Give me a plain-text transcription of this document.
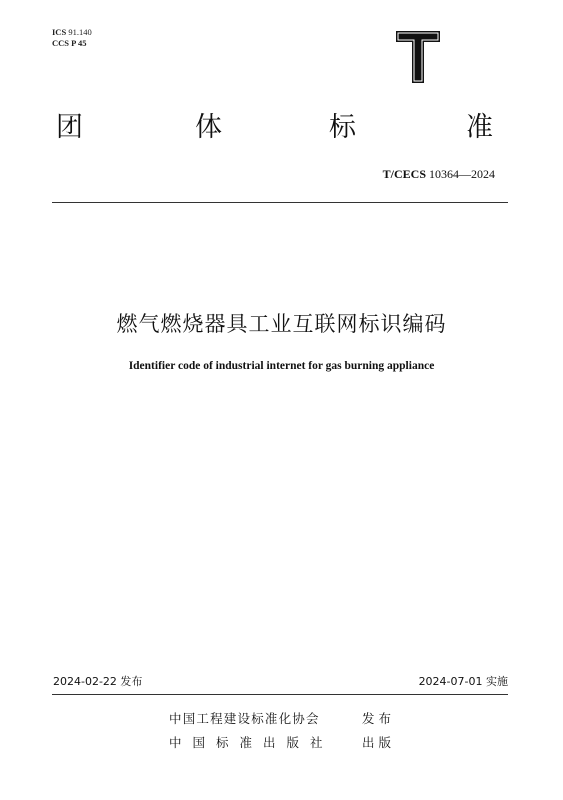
ICS 91.140
CCS P 45
团	体	标	准
T/CECS 10364—2024
燃气燃烧器具工业互联网标识编码
Identifier code of industrial internet for gas burning appliance
2024-02-22 发布	2024-07-01 实施
中国工程建设标准化协会	发布
中国标准出版社 出版
